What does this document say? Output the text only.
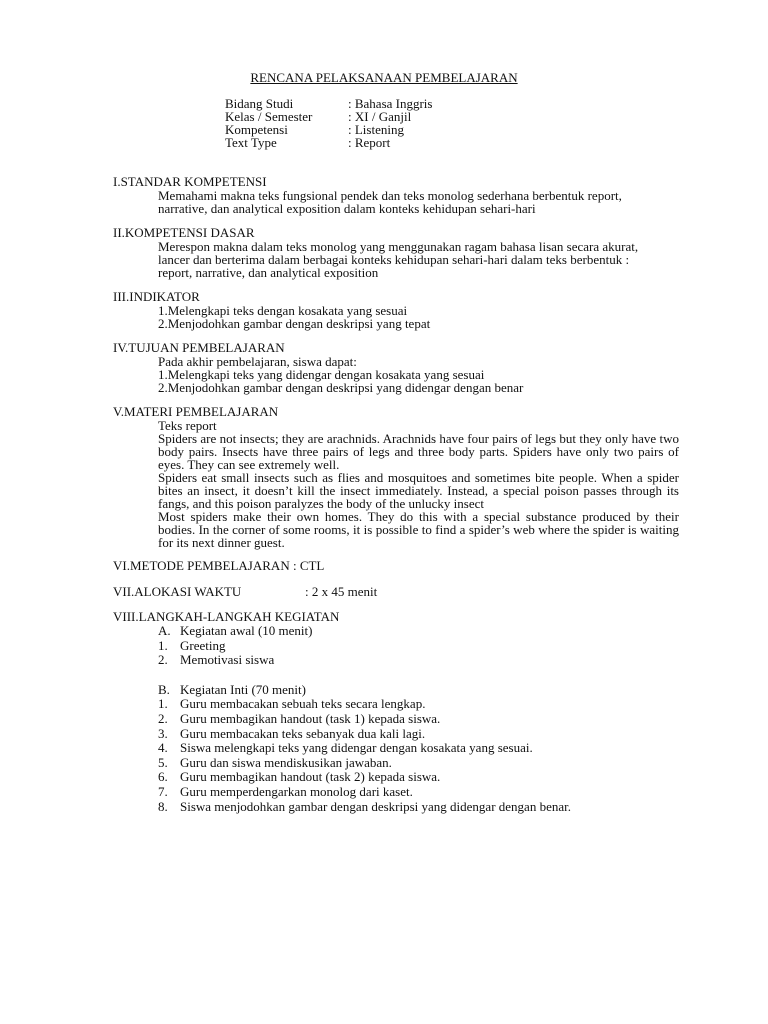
RENCANA PELAKSANAAN PEMBELAJARAN
Bidang Studi	: Bahasa Inggris
Kelas / Semester	: XI / Ganjil
Kompetensi	: Listening
Text Type	: Report
I.STANDAR KOMPETENSI
Memahami makna teks fungsional pendek dan teks monolog sederhana berbentuk report,
narrative, dan analytical exposition dalam konteks kehidupan sehari-hari
II.KOMPETENSI DASAR
Merespon makna dalam teks monolog yang menggunakan ragam bahasa lisan secara akurat,
lancer dan berterima dalam berbagai konteks kehidupan sehari-hari dalam teks berbentuk :
report, narrative, dan analytical exposition
III.INDIKATOR
1.Melengkapi teks dengan kosakata yang sesuai
2.Menjodohkan gambar dengan deskripsi yang tepat
IV.TUJUAN PEMBELAJARAN
Pada akhir pembelajaran, siswa dapat:
1.Melengkapi teks yang didengar dengan kosakata yang sesuai
2.Menjodohkan gambar dengan deskripsi yang didengar dengan benar
V.MATERI PEMBELAJARAN
Teks report
Spiders are not insects; they are arachnids. Arachnids have four pairs of legs but they only have two body pairs. Insects have three pairs of legs and three body parts. Spiders have only two pairs of eyes. They can see extremely well.
Spiders eat small insects such as flies and mosquitoes and sometimes bite people. When a spider bites an insect, it doesn’t kill the insect immediately. Instead, a special poison passes through its fangs, and this poison paralyzes the body of the unlucky insect
Most spiders make their own homes. They do this with a special substance produced by their bodies. In the corner of some rooms, it is possible to find a spider’s web where the spider is waiting for its next dinner guest.
VI.METODE PEMBELAJARAN : CTL
VII.ALOKASI WAKTU	: 2 x 45 menit
VIII.LANGKAH-LANGKAH KEGIATAN
A. Kegiatan awal (10 menit)
1. Greeting
2. Memotivasi siswa
B. Kegiatan Inti (70 menit)
1. Guru membacakan sebuah teks secara lengkap.
2. Guru membagikan handout (task 1) kepada siswa.
3. Guru membacakan teks sebanyak dua kali lagi.
4. Siswa melengkapi teks yang didengar dengan kosakata yang sesuai.
5. Guru dan siswa mendiskusikan jawaban.
6. Guru membagikan handout (task 2) kepada siswa.
7. Guru memperdengarkan monolog dari kaset.
8. Siswa menjodohkan gambar dengan deskripsi yang didengar dengan benar.
